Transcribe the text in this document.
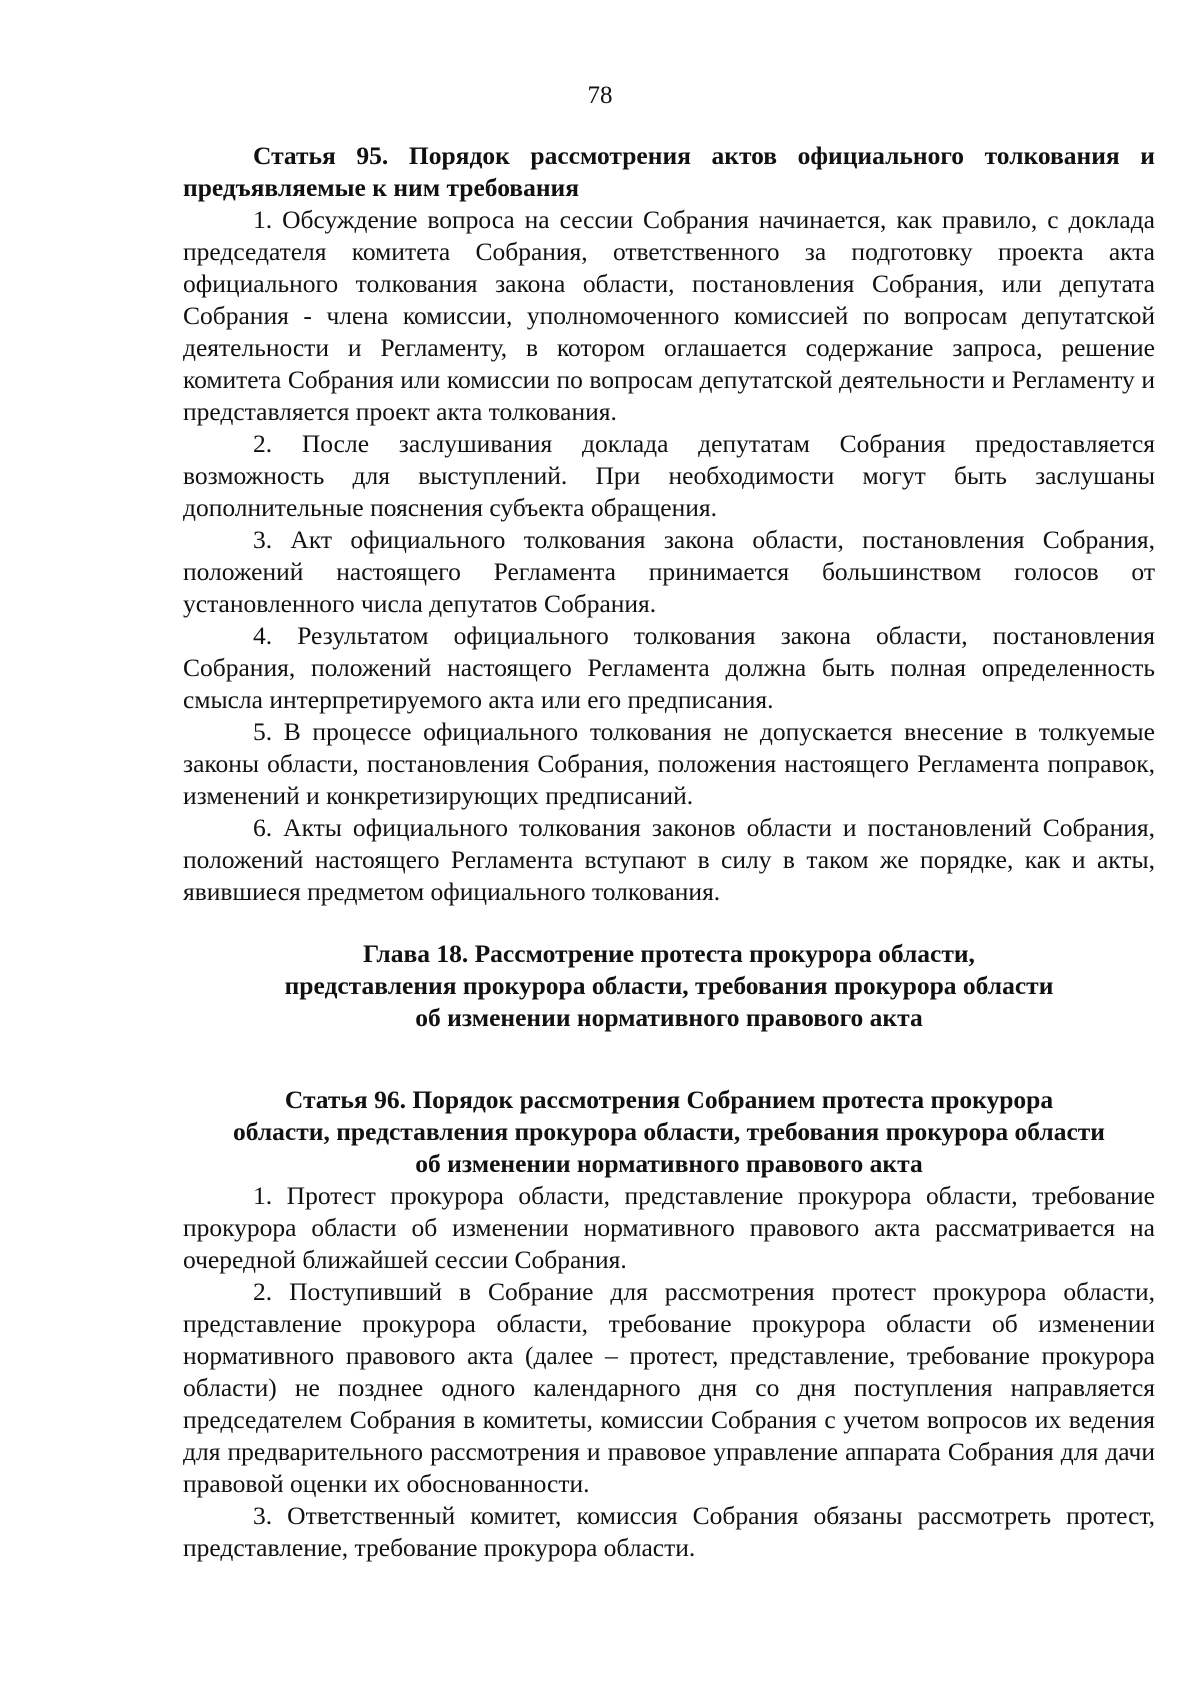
78

Статья 95. Порядок рассмотрения актов официального толкования и предъявляемые к ним требования

1. Обсуждение вопроса на сессии Собрания начинается, как правило, с доклада председателя комитета Собрания, ответственного за подготовку проекта акта официального толкования закона области, постановления Собрания, или депутата Собрания - члена комиссии, уполномоченного комиссией по вопросам депутатской деятельности и Регламенту, в котором оглашается содержание запроса, решение комитета Собрания или комиссии по вопросам депутатской деятельности и Регламенту и представляется проект акта толкования.

2. После заслушивания доклада депутатам Собрания предоставляется возможность для выступлений. При необходимости могут быть заслушаны дополнительные пояснения субъекта обращения.

3. Акт официального толкования закона области, постановления Собрания, положений настоящего Регламента принимается большинством голосов от установленного числа депутатов Собрания.

4. Результатом официального толкования закона области, постановления Собрания, положений настоящего Регламента должна быть полная определенность смысла интерпретируемого акта или его предписания.

5. В процессе официального толкования не допускается внесение в толкуемые законы области, постановления Собрания, положения настоящего Регламента поправок, изменений и конкретизирующих предписаний.

6. Акты официального толкования законов области и постановлений Собрания, положений настоящего Регламента вступают в силу в таком же порядке, как и акты, явившиеся предметом официального толкования.

Глава 18. Рассмотрение протеста прокурора области,
представления прокурора области, требования прокурора области
об изменении нормативного правового акта
Статья 96. Порядок рассмотрения Собранием протеста прокурора
области, представления прокурора области, требования прокурора области
об изменении нормативного правового акта

1. Протест прокурора области, представление прокурора области, требование прокурора области об изменении нормативного правового акта рассматривается на очередной ближайшей сессии Собрания.

2. Поступивший в Собрание для рассмотрения протест прокурора области, представление прокурора области, требование прокурора области об изменении нормативного правового акта (далее – протест, представление, требование прокурора области) не позднее одного календарного дня со дня поступления направляется председателем Собрания в комитеты, комиссии Собрания с учетом вопросов их ведения для предварительного рассмотрения и правовое управление аппарата Собрания для дачи правовой оценки их обоснованности.

3. Ответственный комитет, комиссия Собрания обязаны рассмотреть протест, представление, требование прокурора области.
